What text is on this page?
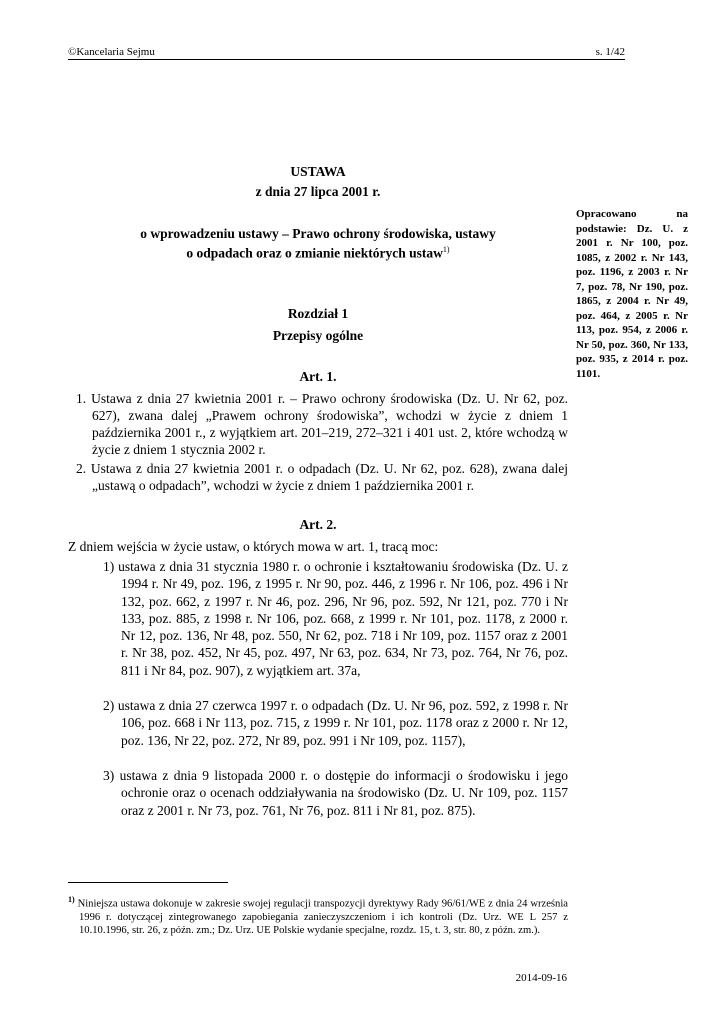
©Kancelaria Sejmu	s. 1/42
USTAWA
z dnia 27 lipca 2001 r.
o wprowadzeniu ustawy – Prawo ochrony środowiska, ustawy
o odpadach oraz o zmianie niektórych ustaw$^{1)}$
Opracowano na podstawie: Dz. U. z 2001 r. Nr 100, poz. 1085, z 2002 r. Nr 143, poz. 1196, z 2003 r. Nr 7, poz. 78, Nr 190, poz. 1865, z 2004 r. Nr 49, poz. 464, z 2005 r. Nr 113, poz. 954, z 2006 r. Nr 50, poz. 360, Nr 133, poz. 935, z 2014 r. poz. 1101.
Rozdział 1
Przepisy ogólne
Art. 1.
1. Ustawa z dnia 27 kwietnia 2001 r. – Prawo ochrony środowiska (Dz. U. Nr 62, poz. 627), zwana dalej „Prawem ochrony środowiska”, wchodzi w życie z dniem 1 października 2001 r., z wyjątkiem art. 201–219, 272–321 i 401 ust. 2, które wchodzą w życie z dniem 1 stycznia 2002 r.
2. Ustawa z dnia 27 kwietnia 2001 r. o odpadach (Dz. U. Nr 62, poz. 628), zwana dalej „ustawą o odpadach”, wchodzi w życie z dniem 1 października 2001 r.
Art. 2.
Z dniem wejścia w życie ustaw, o których mowa w art. 1, tracą moc:
1) ustawa z dnia 31 stycznia 1980 r. o ochronie i kształtowaniu środowiska (Dz. U. z 1994 r. Nr 49, poz. 196, z 1995 r. Nr 90, poz. 446, z 1996 r. Nr 106, poz. 496 i Nr 132, poz. 662, z 1997 r. Nr 46, poz. 296, Nr 96, poz. 592, Nr 121, poz. 770 i Nr 133, poz. 885, z 1998 r. Nr 106, poz. 668, z 1999 r. Nr 101, poz. 1178, z 2000 r. Nr 12, poz. 136, Nr 48, poz. 550, Nr 62, poz. 718 i Nr 109, poz. 1157 oraz z 2001 r. Nr 38, poz. 452, Nr 45, poz. 497, Nr 63, poz. 634, Nr 73, poz. 764, Nr 76, poz. 811 i Nr 84, poz. 907), z wyjątkiem art. 37a,
2) ustawa z dnia 27 czerwca 1997 r. o odpadach (Dz. U. Nr 96, poz. 592, z 1998 r. Nr 106, poz. 668 i Nr 113, poz. 715, z 1999 r. Nr 101, poz. 1178 oraz z 2000 r. Nr 12, poz. 136, Nr 22, poz. 272, Nr 89, poz. 991 i Nr 109, poz. 1157),
3) ustawa z dnia 9 listopada 2000 r. o dostępie do informacji o środowisku i jego ochronie oraz o ocenach oddziaływania na środowisko (Dz. U. Nr 109, poz. 1157 oraz z 2001 r. Nr 73, poz. 761, Nr 76, poz. 811 i Nr 81, poz. 875).
$^{1)}$ Niniejsza ustawa dokonuje w zakresie swojej regulacji transpozycji dyrektywy Rady 96/61/WE z dnia 24 września 1996 r. dotyczącej zintegrowanego zapobiegania zanieczyszczeniom i ich kontroli (Dz. Urz. WE L 257 z 10.10.1996, str. 26, z późn. zm.; Dz. Urz. UE Polskie wydanie specjalne, rozdz. 15, t. 3, str. 80, z późn. zm.).
2014-09-16
